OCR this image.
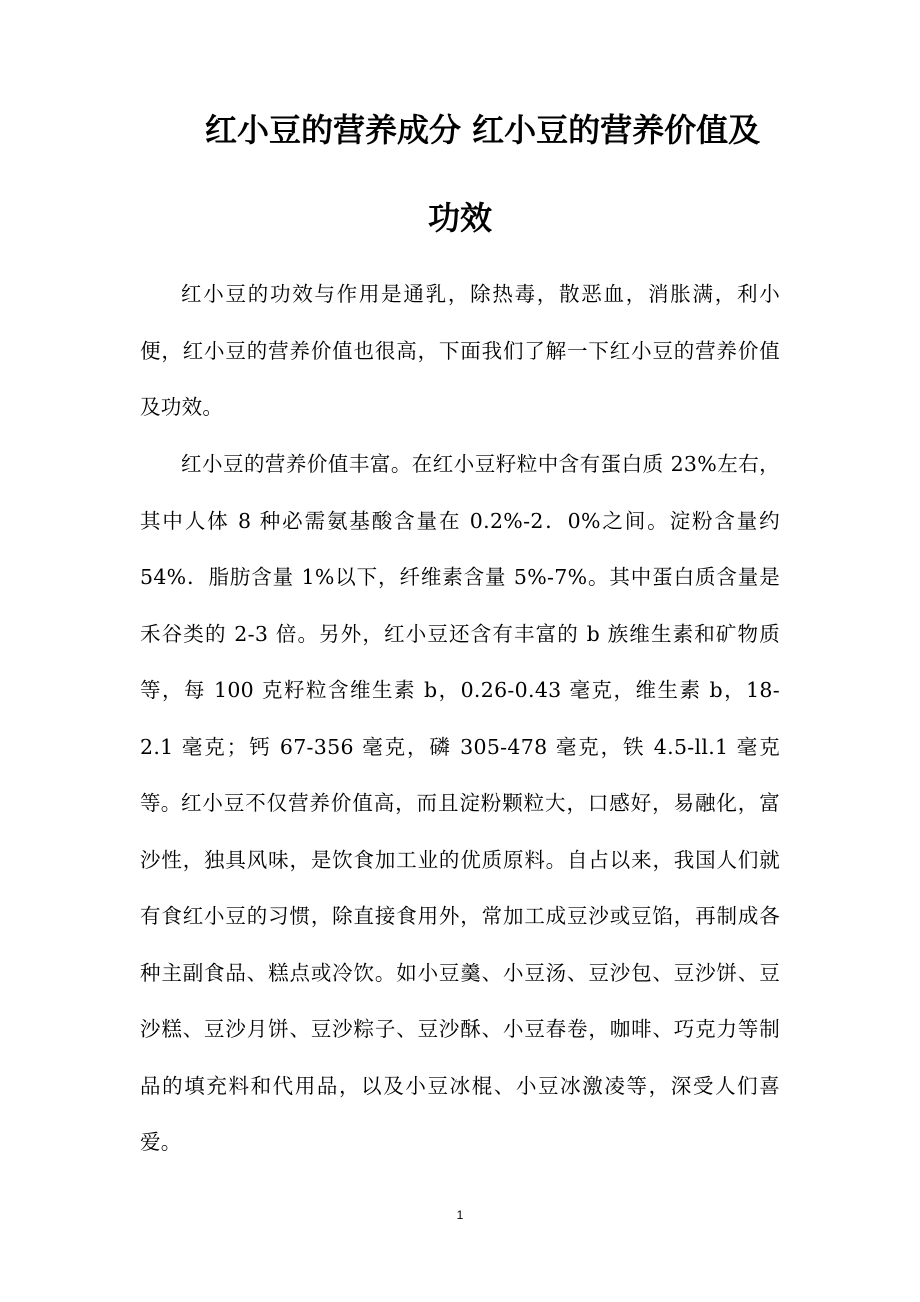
红小豆的营养成分 红小豆的营养价值及
功效

红小豆的功效与作用是通乳，除热毒，散恶血，消胀满，利小便，红小豆的营养价值也很高，下面我们了解一下红小豆的营养价值及功效。

红小豆的营养价值丰富。在红小豆籽粒中含有蛋白质 23%左右，其中人体 8 种必需氨基酸含量在 0.2%-2．0%之间。淀粉含量约54%．脂肪含量 1%以下，纤维素含量 5%-7%。其中蛋白质含量是禾谷类的 2-3 倍。另外，红小豆还含有丰富的 b 族维生素和矿物质等，每 100 克籽粒含维生素 b，0.26-0.43 毫克，维生素 b，18-2.1 毫克；钙 67-356 毫克，磷 305-478 毫克，铁 4.5-ll.1 毫克等。 红小豆不仅营养价值高，而且淀粉颗粒大，口感好，易融化，富沙性，独具风味，是饮食加工业的优质原料。自占以来，我国人们就有食红小豆的习惯，除直接食用外，常加工成豆沙或豆馅，再制成各种主副食品、糕点或冷饮。如小豆羹、小豆汤、豆沙包、豆沙饼、豆沙糕、豆沙月饼、豆沙粽子、豆沙酥、小豆春卷，咖啡、巧克力等制品的填充料和代用品，以及小豆冰棍、小豆冰激凌等，深受人们喜爱。

1
